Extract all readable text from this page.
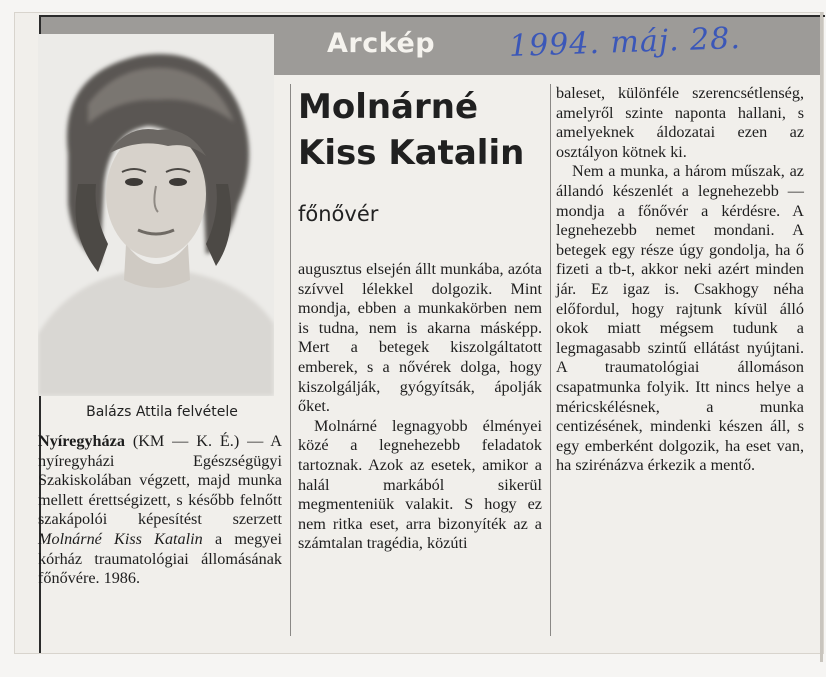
Arckép 1994. máj. 28.
Balázs Attila felvétele
Molnárné
Kiss Katalin
főnővér

Nyíregyháza (KM — K. É.) — A nyíregyházi Egészségügyi Szakiskolában végzett, majd munka mellett érettségizett, s később felnőtt szakápolói képesítést szerzett Molnárné Kiss Katalin a megyei kórház traumatológiai állomásának főnővére. 1986.

augusztus elsején állt munkába, azóta szívvel lélekkel dolgozik. Mint mondja, ebben a munkakörben nem is tudna, nem is akarna másképp. Mert a betegek kiszolgáltatott emberek, s a nővérek dolga, hogy kiszolgálják, gyógyítsák, ápolják őket.

Molnárné legnagyobb élményei közé a legnehezebb feladatok tartoznak. Azok az esetek, amikor a halál markából sikerül megmenteniük valakit. S hogy ez nem ritka eset, arra bizonyíték az a számtalan tragédia, közúti

baleset, különféle szerencsétlenség, amelyről szinte naponta hallani, s amelyeknek áldozatai ezen az osztályon kötnek ki.

Nem a munka, a három műszak, az állandó készenlét a legnehezebb — mondja a főnővér a kérdésre. A legnehezebb nemet mondani. A betegek egy része úgy gondolja, ha ő fizeti a tb-t, akkor neki azért minden jár. Ez igaz is. Csakhogy néha előfordul, hogy rajtunk kívül álló okok miatt mégsem tudunk a legmagasabb szintű ellátást nyújtani. A traumatológiai állomáson csapatmunka folyik. Itt nincs helye a méricskélésnek, a munka centizésének, mindenki készen áll, s egy emberként dolgozik, ha eset van, ha szirénázva érkezik a mentő.
